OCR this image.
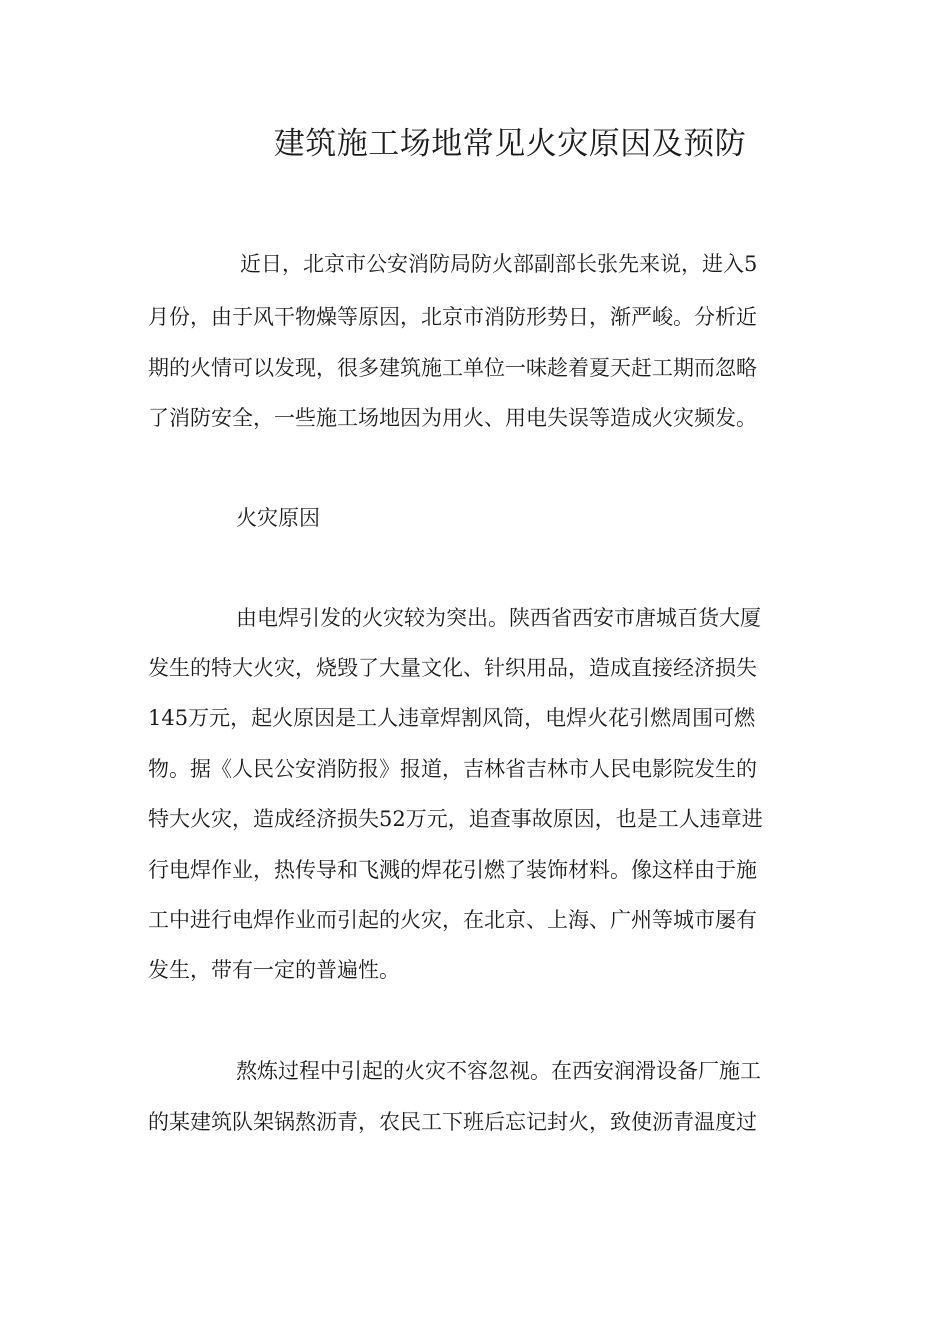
建筑施工场地常见火灾原因及预防
近日，北京市公安消防局防火部副部长张先来说，进入5
月份，由于风干物燥等原因，北京市消防形势日，渐严峻。分析近
期的火情可以发现，很多建筑施工单位一味趁着夏天赶工期而忽略
了消防安全，一些施工场地因为用火、用电失误等造成火灾频发。
火灾原因
由电焊引发的火灾较为突出。陕西省西安市唐城百货大厦
发生的特大火灾，烧毁了大量文化、针织用品，造成直接经济损失
145万元，起火原因是工人违章焊割风筒，电焊火花引燃周围可燃
物。据《人民公安消防报》报道，吉林省吉林市人民电影院发生的
特大火灾，造成经济损失52万元，追查事故原因，也是工人违章进
行电焊作业，热传导和飞溅的焊花引燃了装饰材料。像这样由于施
工中进行电焊作业而引起的火灾，在北京、上海、广州等城市屡有
发生，带有一定的普遍性。
熬炼过程中引起的火灾不容忽视。在西安润滑设备厂施工
的某建筑队架锅熬沥青，农民工下班后忘记封火，致使沥青温度过
